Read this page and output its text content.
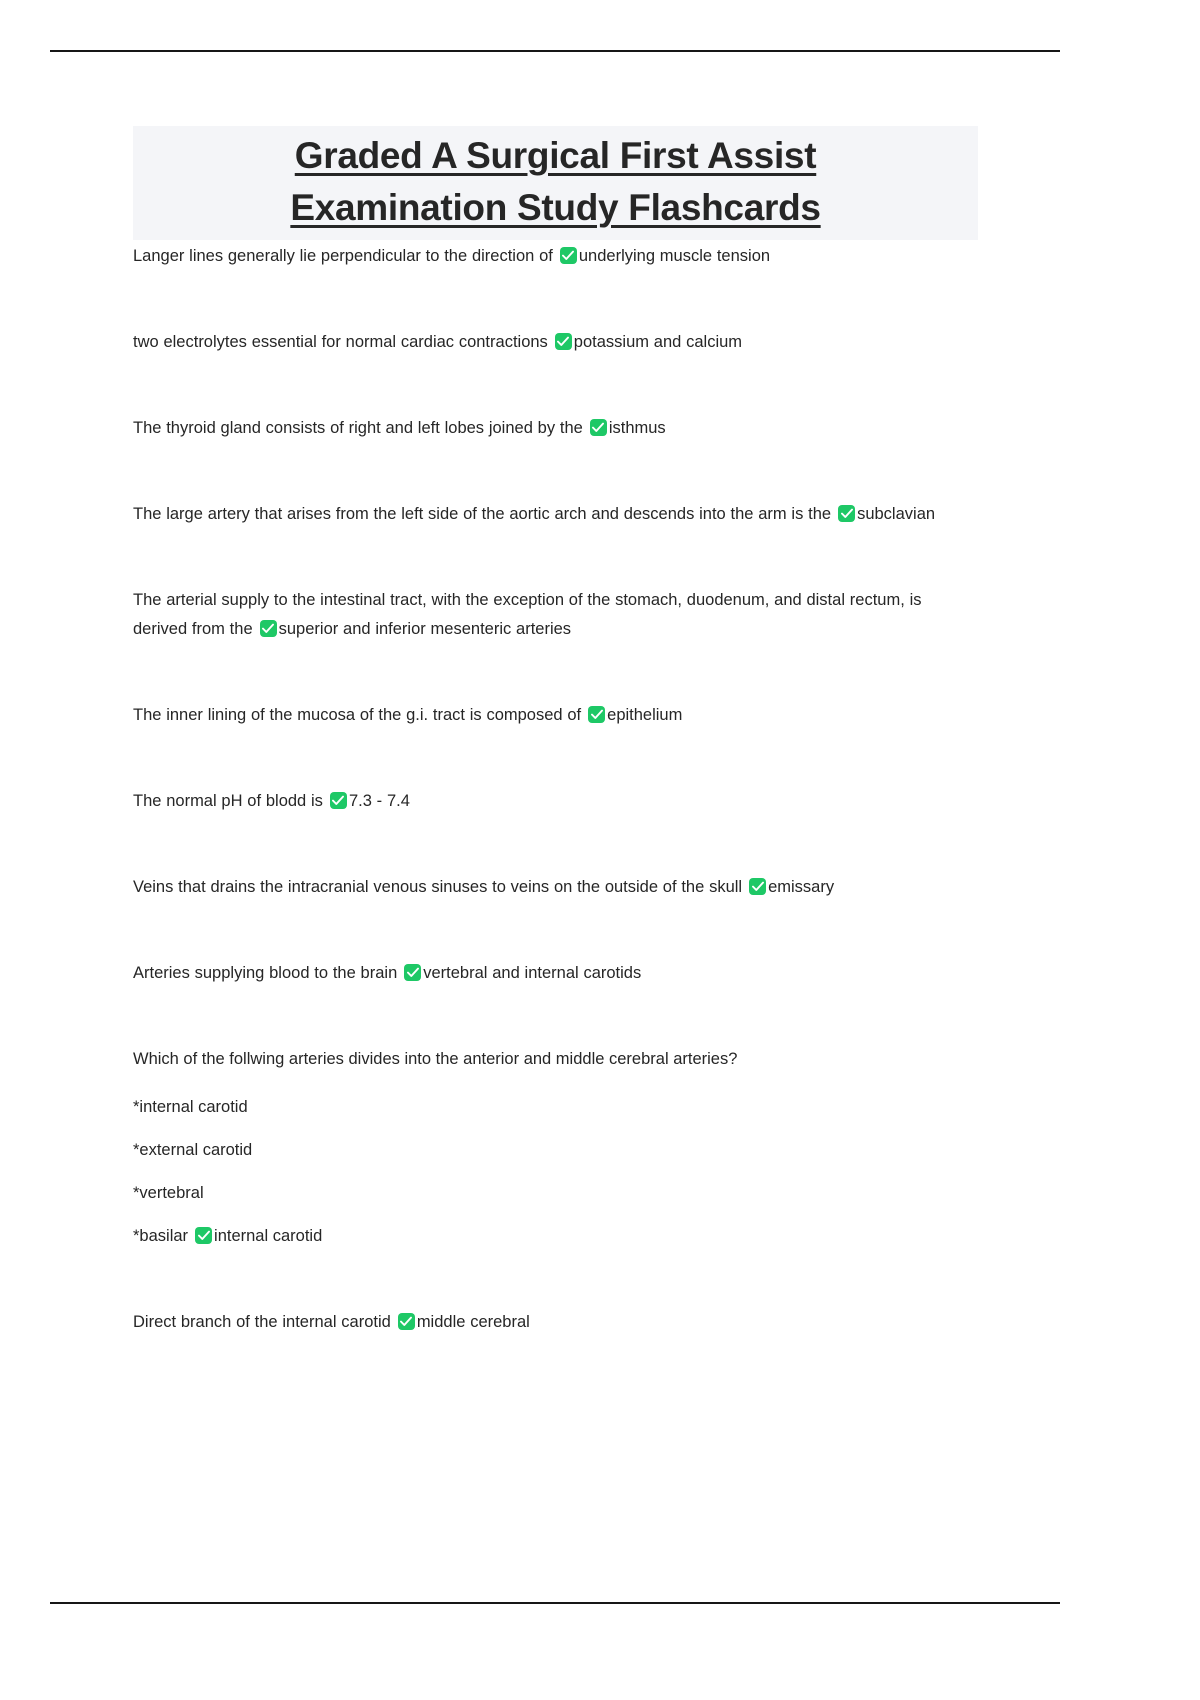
Graded A Surgical First Assist
Examination Study Flashcards
Langer lines generally lie perpendicular to the direction of underlying muscle tension
two electrolytes essential for normal cardiac contractions potassium and calcium
The thyroid gland consists of right and left lobes joined by the isthmus
The large artery that arises from the left side of the aortic arch and descends into the arm is the subclavian
The arterial supply to the intestinal tract, with the exception of the stomach, duodenum, and distal rectum, is derived from the superior and inferior mesenteric arteries
The inner lining of the mucosa of the g.i. tract is composed of epithelium
The normal pH of blodd is 7.3 - 7.4
Veins that drains the intracranial venous sinuses to veins on the outside of the skull emissary
Arteries supplying blood to the brain vertebral and internal carotids
Which of the follwing arteries divides into the anterior and middle cerebral arteries?
*internal carotid
*external carotid
*vertebral
*basilar internal carotid
Direct branch of the internal carotid middle cerebral
